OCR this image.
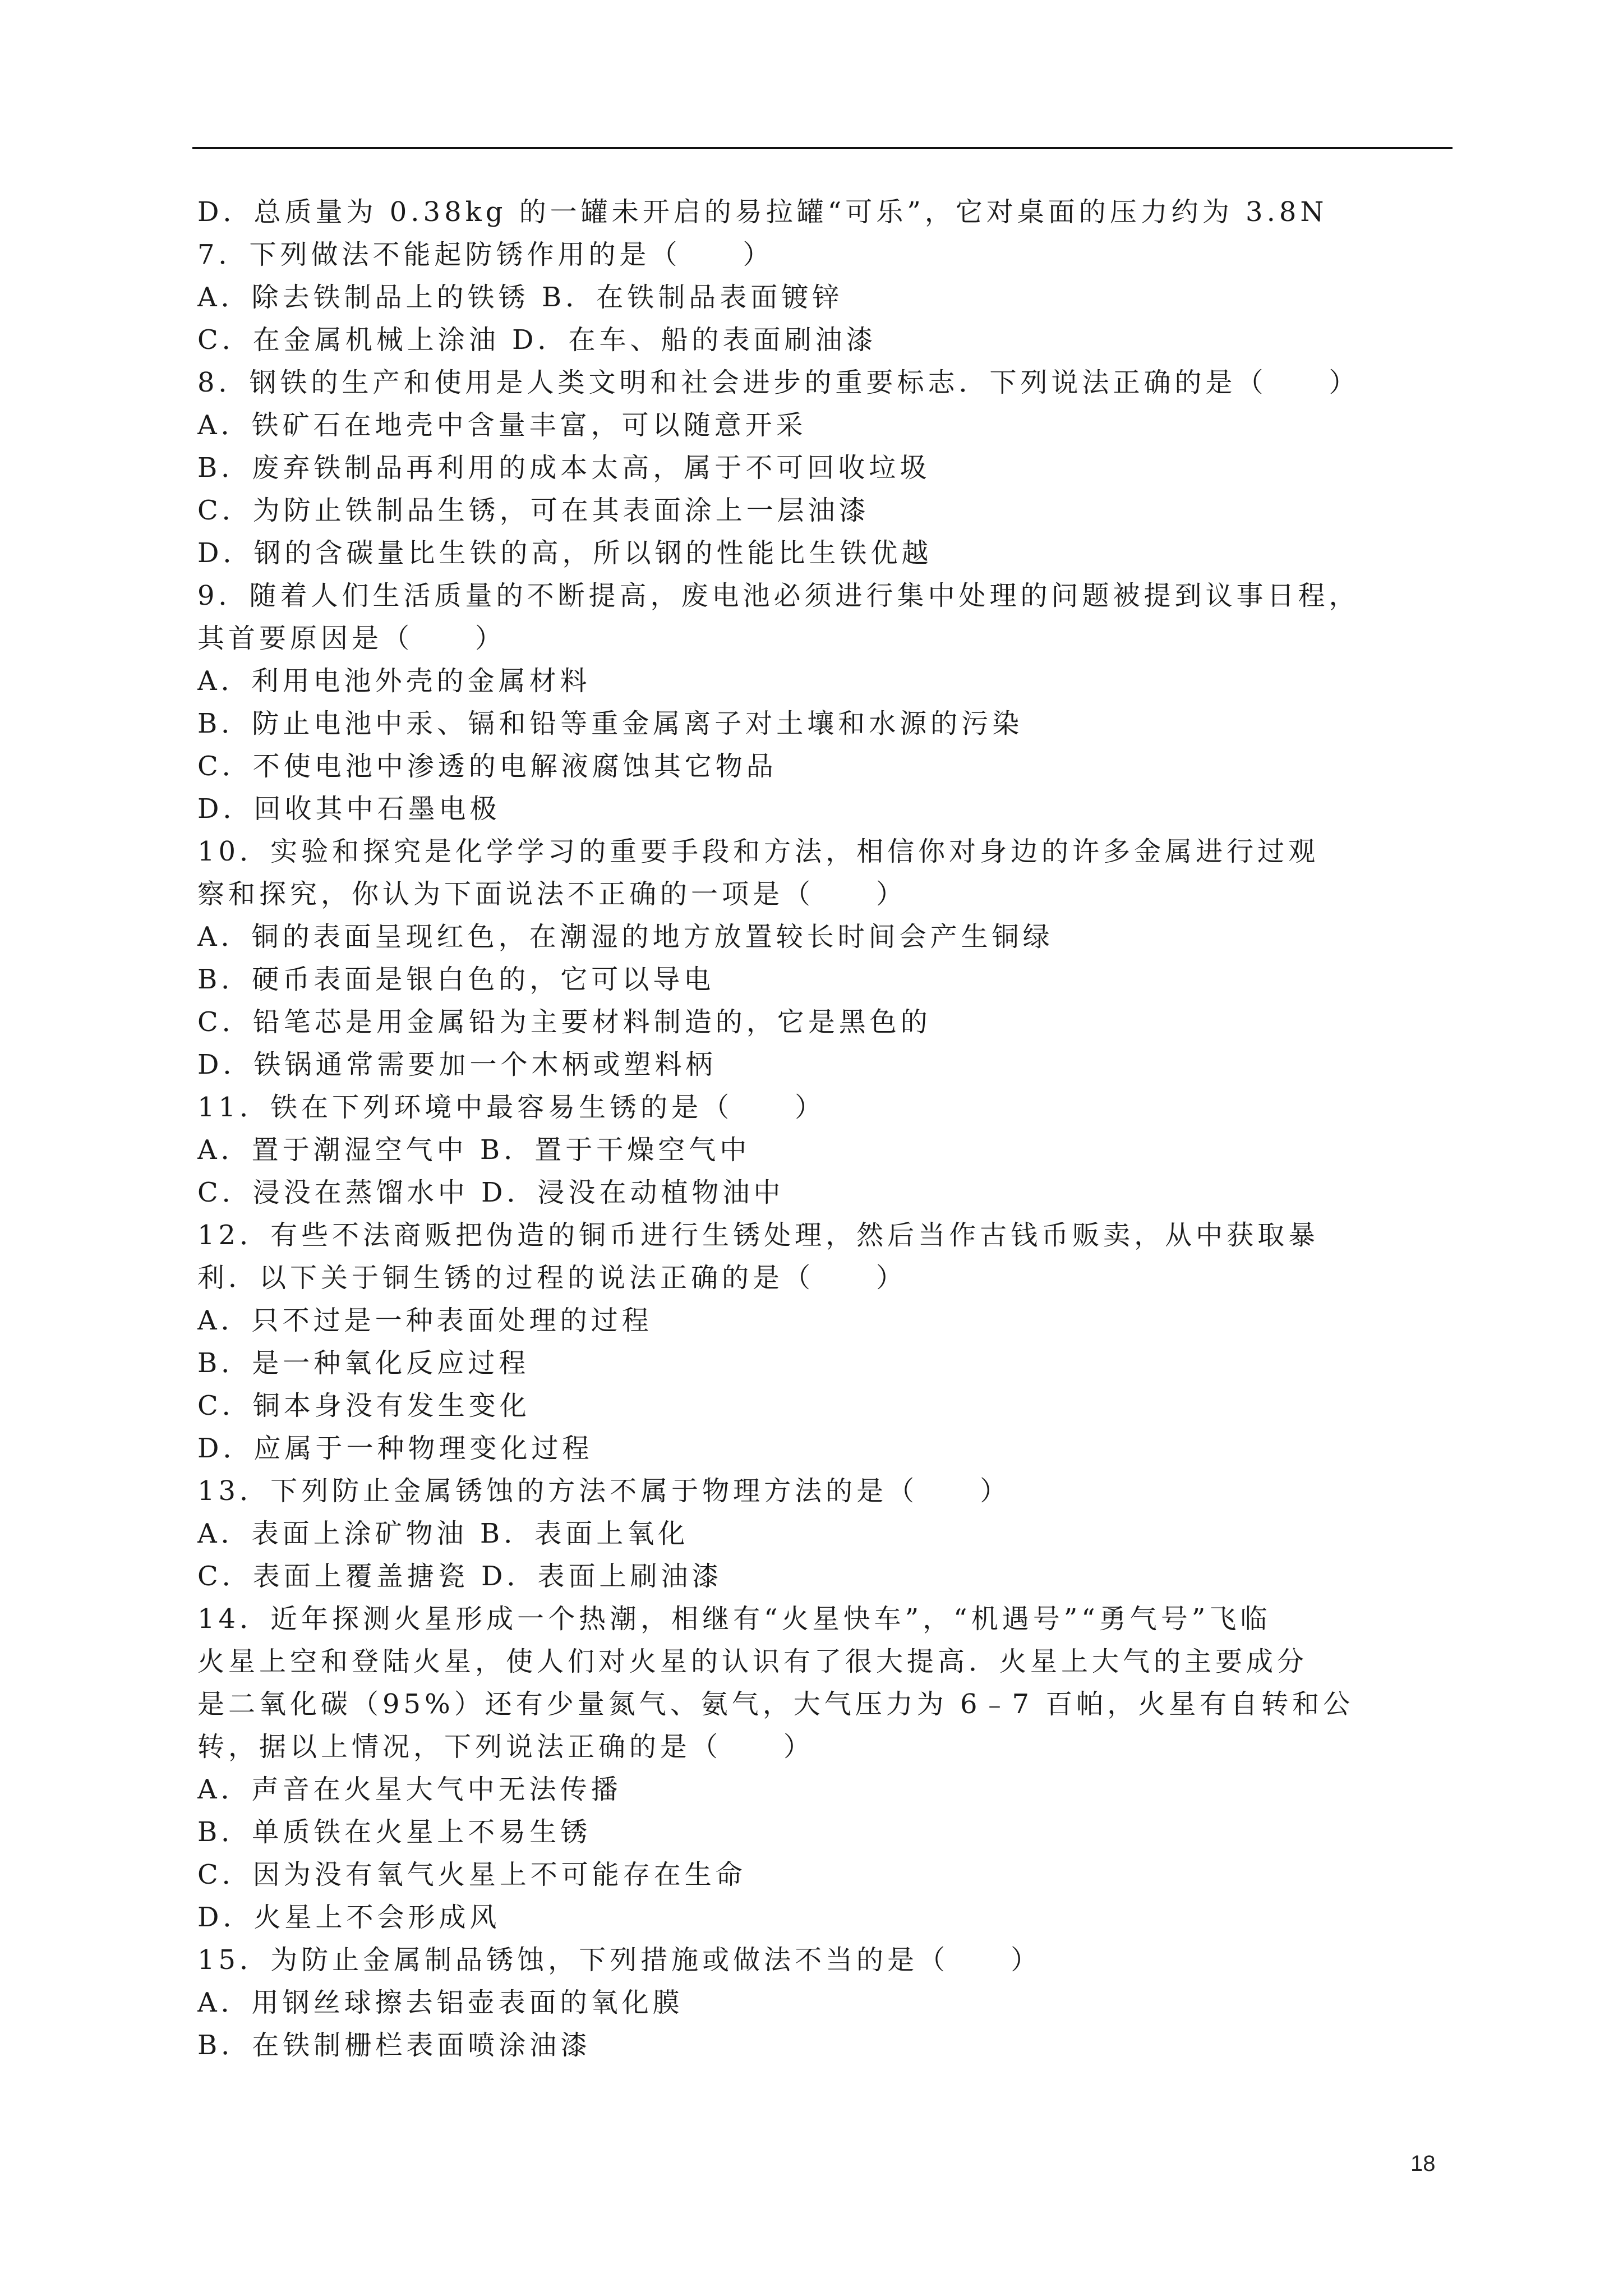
D．总质量为 0.38kg 的一罐未开启的易拉罐“可乐”，它对桌面的压力约为 3.8N
7．下列做法不能起防锈作用的是（　　）
A．除去铁制品上的铁锈 B．在铁制品表面镀锌
C．在金属机械上涂油 D．在车、船的表面刷油漆
8．钢铁的生产和使用是人类文明和社会进步的重要标志．下列说法正确的是（　　）
A．铁矿石在地壳中含量丰富，可以随意开采
B．废弃铁制品再利用的成本太高，属于不可回收垃圾
C．为防止铁制品生锈，可在其表面涂上一层油漆
D．钢的含碳量比生铁的高，所以钢的性能比生铁优越
9．随着人们生活质量的不断提高，废电池必须进行集中处理的问题被提到议事日程，
其首要原因是（　　）
A．利用电池外壳的金属材料
B．防止电池中汞、镉和铅等重金属离子对土壤和水源的污染
C．不使电池中渗透的电解液腐蚀其它物品
D．回收其中石墨电极
10．实验和探究是化学学习的重要手段和方法，相信你对身边的许多金属进行过观
察和探究，你认为下面说法不正确的一项是（　　）
A．铜的表面呈现红色，在潮湿的地方放置较长时间会产生铜绿
B．硬币表面是银白色的，它可以导电
C．铅笔芯是用金属铅为主要材料制造的，它是黑色的
D．铁锅通常需要加一个木柄或塑料柄
11．铁在下列环境中最容易生锈的是（　　）
A．置于潮湿空气中 B．置于干燥空气中
C．浸没在蒸馏水中 D．浸没在动植物油中
12．有些不法商贩把伪造的铜币进行生锈处理，然后当作古钱币贩卖，从中获取暴
利．以下关于铜生锈的过程的说法正确的是（　　）
A．只不过是一种表面处理的过程
B．是一种氧化反应过程
C．铜本身没有发生变化
D．应属于一种物理变化过程
13．下列防止金属锈蚀的方法不属于物理方法的是（　　）
A．表面上涂矿物油 B．表面上氧化
C．表面上覆盖搪瓷 D．表面上刷油漆
14．近年探测火星形成一个热潮，相继有“火星快车”，“机遇号”“勇气号”飞临
火星上空和登陆火星，使人们对火星的认识有了很大提高．火星上大气的主要成分
是二氧化碳（95%）还有少量氮气、氨气，大气压力为 6﹣7 百帕，火星有自转和公
转，据以上情况，下列说法正确的是（　　）
A．声音在火星大气中无法传播
B．单质铁在火星上不易生锈
C．因为没有氧气火星上不可能存在生命
D．火星上不会形成风
15．为防止金属制品锈蚀，下列措施或做法不当的是（　　）
A．用钢丝球擦去铝壶表面的氧化膜
B．在铁制栅栏表面喷涂油漆
18
